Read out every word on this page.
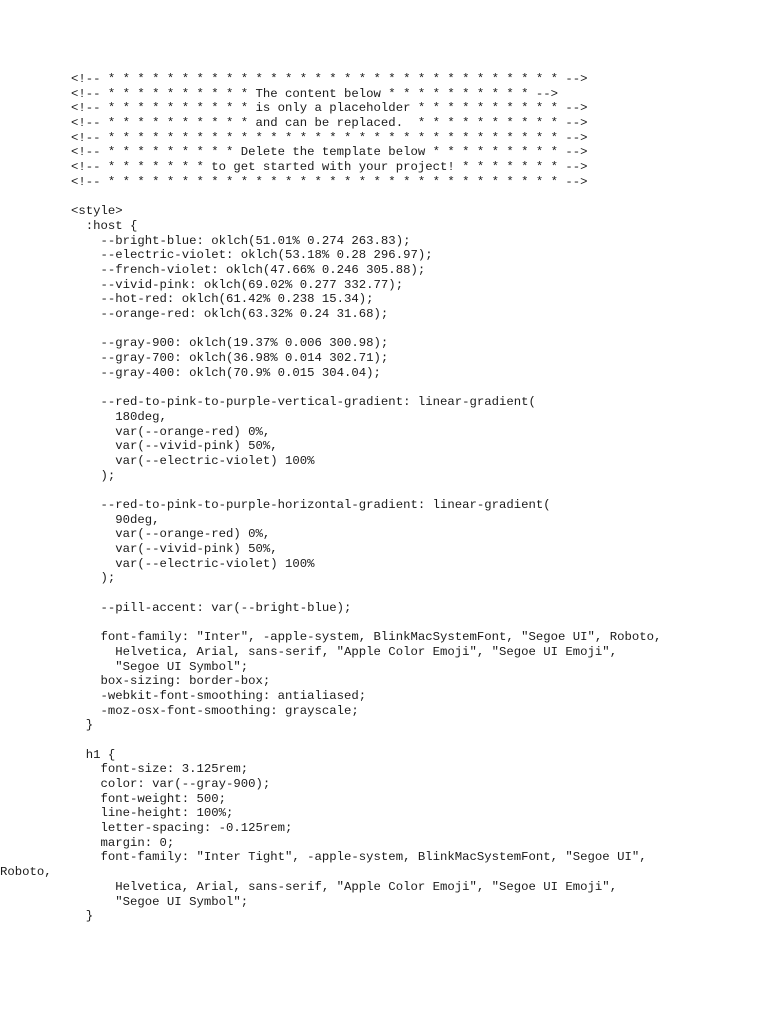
<!-- * * * * * * * * * * * * * * * * * * * * * * * * * * * * * * * -->
<!-- * * * * * * * * * * The content below * * * * * * * * * * -->
<!-- * * * * * * * * * * is only a placeholder * * * * * * * * * * -->
<!-- * * * * * * * * * * and can be replaced.  * * * * * * * * * * -->
<!-- * * * * * * * * * * * * * * * * * * * * * * * * * * * * * * * -->
<!-- * * * * * * * * * Delete the template below * * * * * * * * * -->
<!-- * * * * * * * to get started with your project! * * * * * * * -->
<!-- * * * * * * * * * * * * * * * * * * * * * * * * * * * * * * * -->
<style>
:host {
--bright-blue: oklch(51.01% 0.274 263.83);
--electric-violet: oklch(53.18% 0.28 296.97);
--french-violet: oklch(47.66% 0.246 305.88);
--vivid-pink: oklch(69.02% 0.277 332.77);
--hot-red: oklch(61.42% 0.238 15.34);
--orange-red: oklch(63.32% 0.24 31.68);
--gray-900: oklch(19.37% 0.006 300.98);
--gray-700: oklch(36.98% 0.014 302.71);
--gray-400: oklch(70.9% 0.015 304.04);
--red-to-pink-to-purple-vertical-gradient: linear-gradient(
180deg,
var(--orange-red) 0%,
var(--vivid-pink) 50%,
var(--electric-violet) 100%
);
--red-to-pink-to-purple-horizontal-gradient: linear-gradient(
90deg,
var(--orange-red) 0%,
var(--vivid-pink) 50%,
var(--electric-violet) 100%
);
--pill-accent: var(--bright-blue);
font-family: "Inter", -apple-system, BlinkMacSystemFont, "Segoe UI", Roboto,
Helvetica, Arial, sans-serif, "Apple Color Emoji", "Segoe UI Emoji",
"Segoe UI Symbol";
box-sizing: border-box;
-webkit-font-smoothing: antialiased;
-moz-osx-font-smoothing: grayscale;
}
h1 {
font-size: 3.125rem;
color: var(--gray-900);
font-weight: 500;
line-height: 100%;
letter-spacing: -0.125rem;
margin: 0;
font-family: "Inter Tight", -apple-system, BlinkMacSystemFont, "Segoe UI",
Roboto,
Helvetica, Arial, sans-serif, "Apple Color Emoji", "Segoe UI Emoji",
"Segoe UI Symbol";
}
